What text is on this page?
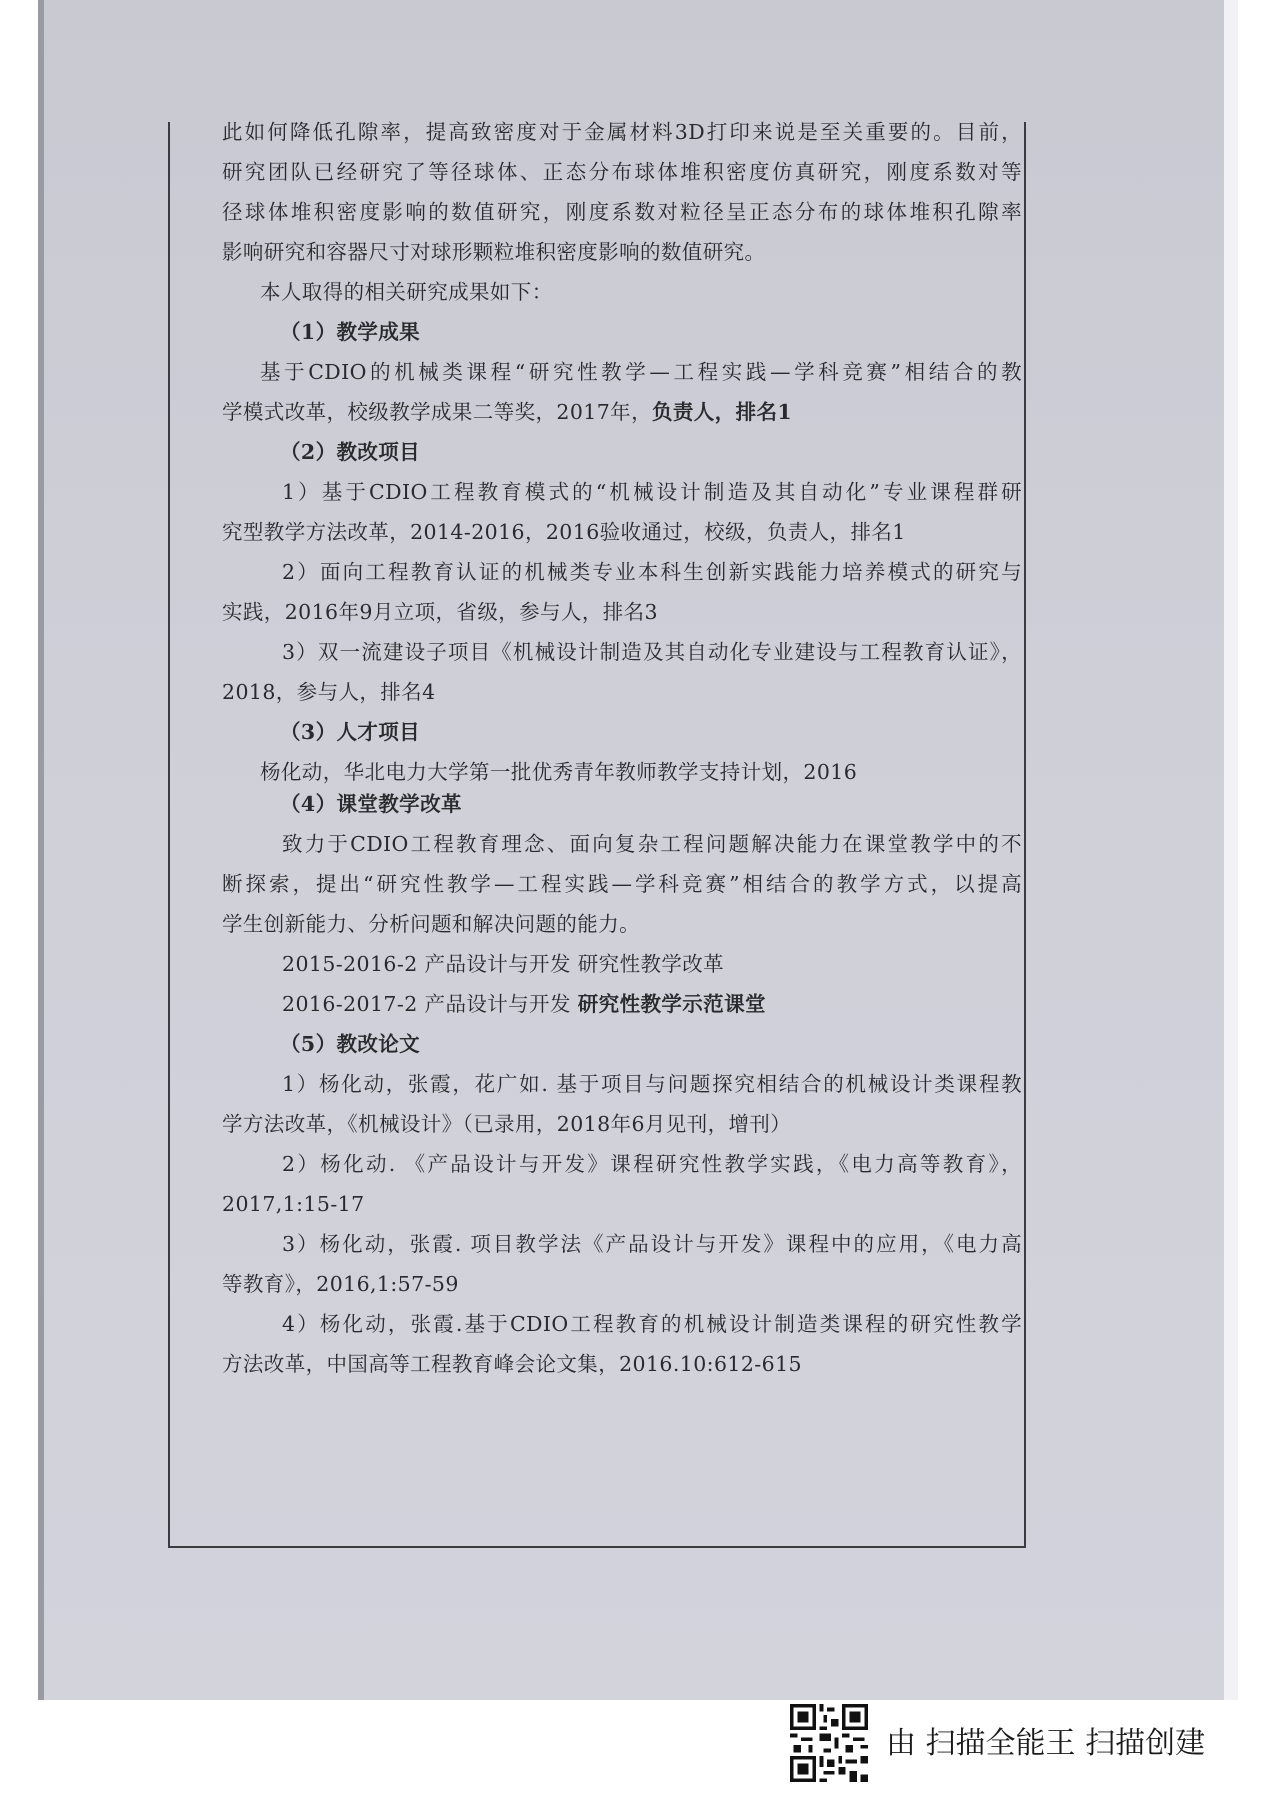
此如何降低孔隙率，提高致密度对于金属材料3D打印来说是至关重要的。目前，
研究团队已经研究了等径球体、正态分布球体堆积密度仿真研究，刚度系数对等
径球体堆积密度影响的数值研究，刚度系数对粒径呈正态分布的球体堆积孔隙率
影响研究和容器尺寸对球形颗粒堆积密度影响的数值研究。
本人取得的相关研究成果如下：
（1）教学成果
基于CDIO的机械类课程“研究性教学—工程实践—学科竞赛”相结合的教
学模式改革，校级教学成果二等奖，2017年，负责人，排名1
（2）教改项目
1）基于CDIO工程教育模式的“机械设计制造及其自动化”专业课程群研
究型教学方法改革，2014-2016，2016验收通过，校级，负责人，排名1
2）面向工程教育认证的机械类专业本科生创新实践能力培养模式的研究与
实践，2016年9月立项，省级，参与人，排名3
3）双一流建设子项目《机械设计制造及其自动化专业建设与工程教育认证》，
2018，参与人，排名4
（3）人才项目
杨化动，华北电力大学第一批优秀青年教师教学支持计划，2016
（4）课堂教学改革
致力于CDIO工程教育理念、面向复杂工程问题解决能力在课堂教学中的不
断探索，提出“研究性教学—工程实践—学科竞赛”相结合的教学方式，以提高
学生创新能力、分析问题和解决问题的能力。
2015-2016-2 产品设计与开发 研究性教学改革
2016-2017-2 产品设计与开发 研究性教学示范课堂
（5）教改论文
1）杨化动，张霞，花广如. 基于项目与问题探究相结合的机械设计类课程教
学方法改革，《机械设计》（已录用，2018年6月见刊，增刊）
2）杨化动. 《产品设计与开发》课程研究性教学实践，《电力高等教育》，
2017,1:15-17
3）杨化动，张霞. 项目教学法《产品设计与开发》课程中的应用，《电力高
等教育》，2016,1:57-59
4）杨化动，张霞.基于CDIO工程教育的机械设计制造类课程的研究性教学
方法改革，中国高等工程教育峰会论文集，2016.10:612-615
由 扫描全能王 扫描创建
